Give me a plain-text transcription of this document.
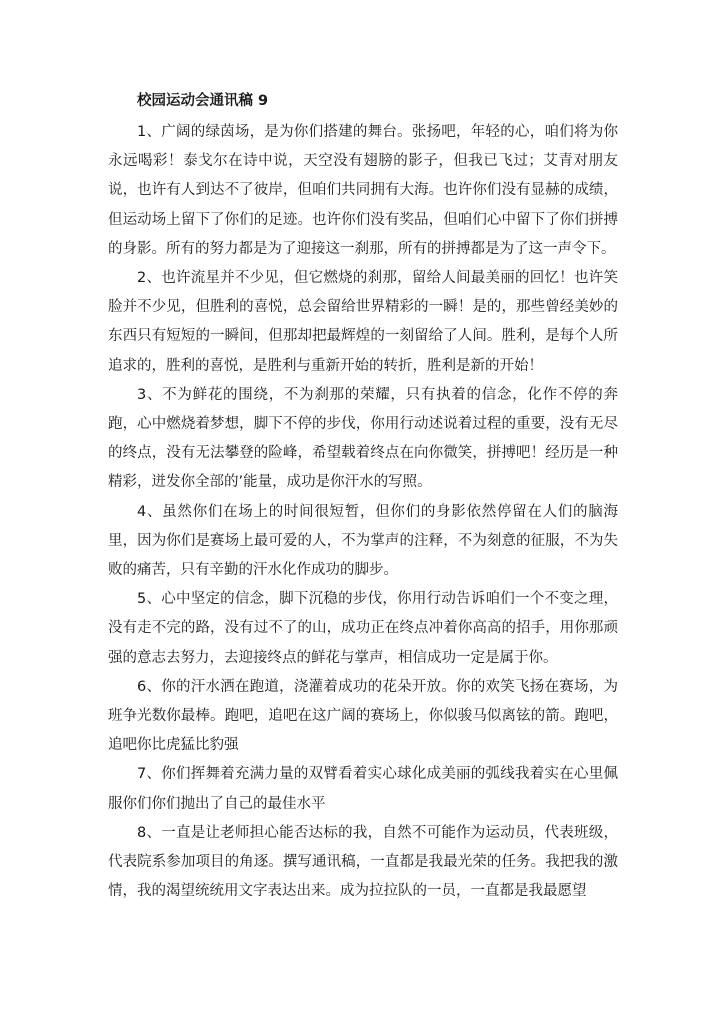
校园运动会通讯稿 9

1、广阔的绿茵场，是为你们搭建的舞台。张扬吧，年轻的心，咱们将为你永远喝彩！泰戈尔在诗中说，天空没有翅膀的影子，但我已飞过；艾青对朋友说，也许有人到达不了彼岸，但咱们共同拥有大海。也许你们没有显赫的成绩，但运动场上留下了你们的足迹。也许你们没有奖品，但咱们心中留下了你们拼搏的身影。所有的努力都是为了迎接这一刹那，所有的拼搏都是为了这一声令下。

2、也许流星并不少见，但它燃烧的刹那，留给人间最美丽的回忆！也许笑脸并不少见，但胜利的喜悦，总会留给世界精彩的一瞬！是的，那些曾经美妙的东西只有短短的一瞬间，但那却把最辉煌的一刻留给了人间。胜利，是每个人所追求的，胜利的喜悦，是胜利与重新开始的转折，胜利是新的开始！

3、不为鲜花的围绕，不为刹那的荣耀，只有执着的信念，化作不停的奔跑，心中燃烧着梦想，脚下不停的步伐，你用行动述说着过程的重要，没有无尽的终点，没有无法攀登的险峰，希望载着终点在向你微笑，拼搏吧！经历是一种精彩，迸发你全部的’能量，成功是你汗水的写照。

4、虽然你们在场上的时间很短暂，但你们的身影依然停留在人们的脑海里，因为你们是赛场上最可爱的人，不为掌声的注释，不为刻意的征服，不为失败的痛苦，只有辛勤的汗水化作成功的脚步。

5、心中坚定的信念，脚下沉稳的步伐，你用行动告诉咱们一个不变之理，没有走不完的路，没有过不了的山，成功正在终点冲着你高高的招手，用你那顽强的意志去努力，去迎接终点的鲜花与掌声，相信成功一定是属于你。

6、你的汗水洒在跑道，浇灌着成功的花朵开放。你的欢笑飞扬在赛场，为班争光数你最棒。跑吧，追吧在这广阔的赛场上，你似骏马似离铉的箭。跑吧，追吧你比虎猛比豹强

7、你们挥舞着充满力量的双臂看着实心球化成美丽的弧线我着实在心里佩服你们你们抛出了自己的最佳水平

8、一直是让老师担心能否达标的我，自然不可能作为运动员，代表班级，代表院系参加项目的角逐。撰写通讯稿，一直都是我最光荣的任务。我把我的激情，我的渴望统统用文字表达出来。成为拉拉队的一员，一直都是我最愿望
